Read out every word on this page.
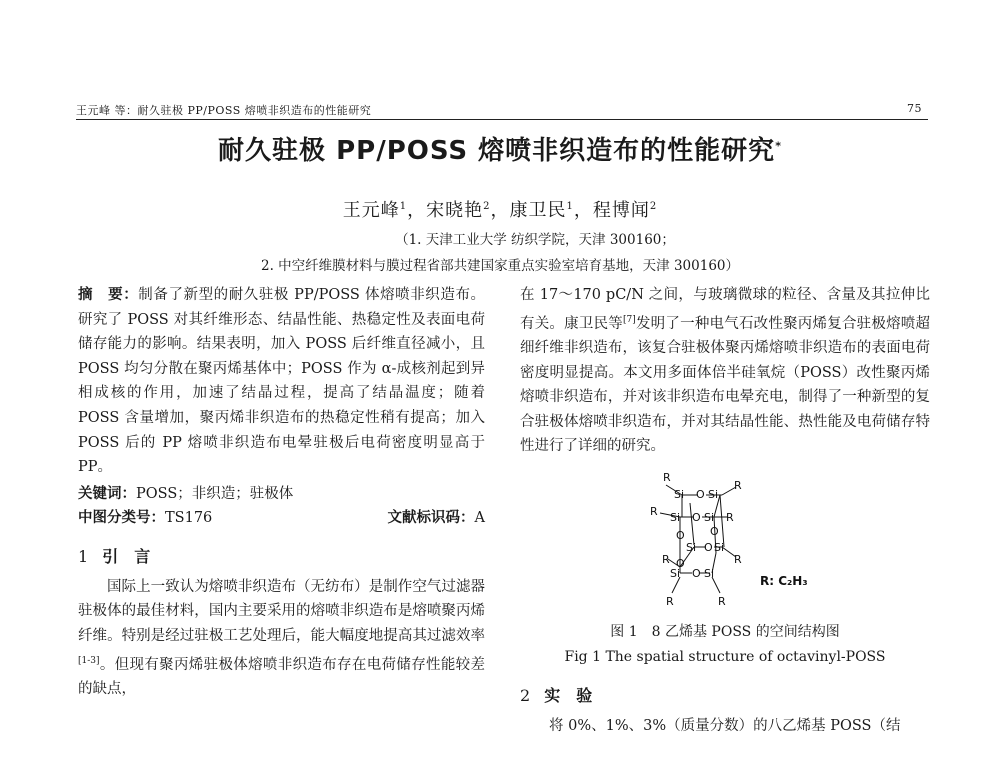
王元峰 等：耐久驻极 PP/POSS 熔喷非织造布的性能研究	75
耐久驻极 PP/POSS 熔喷非织造布的性能研究*
王元峰$^1$，宋晓艳$^2$，康卫民$^1$，程博闻$^2$
（1. 天津工业大学 纺织学院，天津 300160；
2. 中空纤维膜材料与膜过程省部共建国家重点实验室培育基地，天津 300160）

摘　要：制备了新型的耐久驻极 PP/POSS 体熔喷非织造布。研究了 POSS 对其纤维形态、结晶性能、热稳定性及表面电荷储存能力的影响。结果表明，加入 POSS 后纤维直径减小，且 POSS 均匀分散在聚丙烯基体中；POSS 作为 α-成核剂起到异相成核的作用，加速了结晶过程，提高了结晶温度；随着 POSS 含量增加，聚丙烯非织造布的热稳定性稍有提高；加入 POSS 后的 PP 熔喷非织造布电晕驻极后电荷密度明显高于 PP。

关键词：POSS；非织造；驻极体
中图分类号：TS176	文献标识码：A
1 引　言

国际上一致认为熔喷非织造布（无纺布）是制作空气过滤器驻极体的最佳材料，国内主要采用的熔喷非织造布是熔喷聚丙烯纤维。特别是经过驻极工艺处理后，能大幅度地提高其过滤效率[1-3]。但现有聚丙烯驻极体熔喷非织造布存在电荷储存性能较差的缺点，

在 17～170 pC/N 之间，与玻璃微球的粒径、含量及其拉伸比有关。康卫民等[7]发明了一种电气石改性聚丙烯复合驻极熔喷超细纤维非织造布，该复合驻极体聚丙烯熔喷非织造布的表面电荷密度明显提高。本文用多面体倍半硅氧烷（POSS）改性聚丙烯熔喷非织造布，并对该非织造布电晕充电，制得了一种新型的复合驻极体熔喷非织造布，并对其结晶性能、热性能及电荷储存特性进行了详细的研究。

R
Si O Si
R
R Si O Si R
O O
Si O Si
R
R O
Si O Si
R	R
R: C₂H₃
图 1　8 乙烯基 POSS 的空间结构图
Fig 1 The spatial structure of octavinyl-POSS
2 实　验

将 0%、1%、3%（质量分数）的八乙烯基 POSS（结
